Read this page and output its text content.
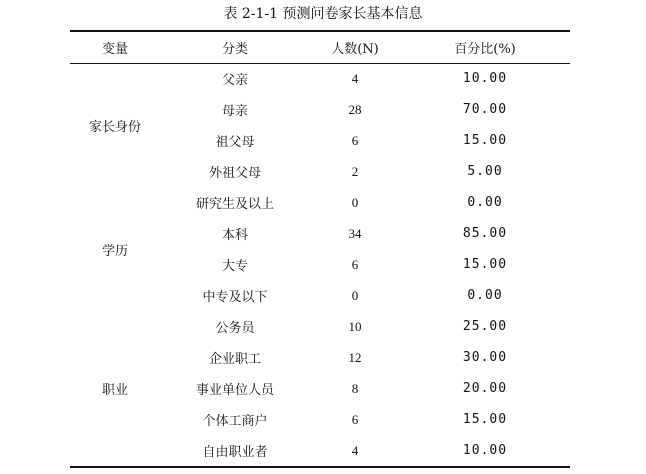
表 2-1-1 预测问卷家长基本信息
变量	分类	人数(N)	百分比(%)
家长身份	父亲	4	10.00
	母亲	28	70.00
	祖父母	6	15.00
	外祖父母	2	5.00
学历	研究生及以上	0	0.00
	本科	34	85.00
	大专	6	15.00
	中专及以下	0	0.00
职业	公务员	10	25.00
	企业职工	12	30.00
	事业单位人员	8	20.00
	个体工商户	6	15.00
	自由职业者	4	10.00
